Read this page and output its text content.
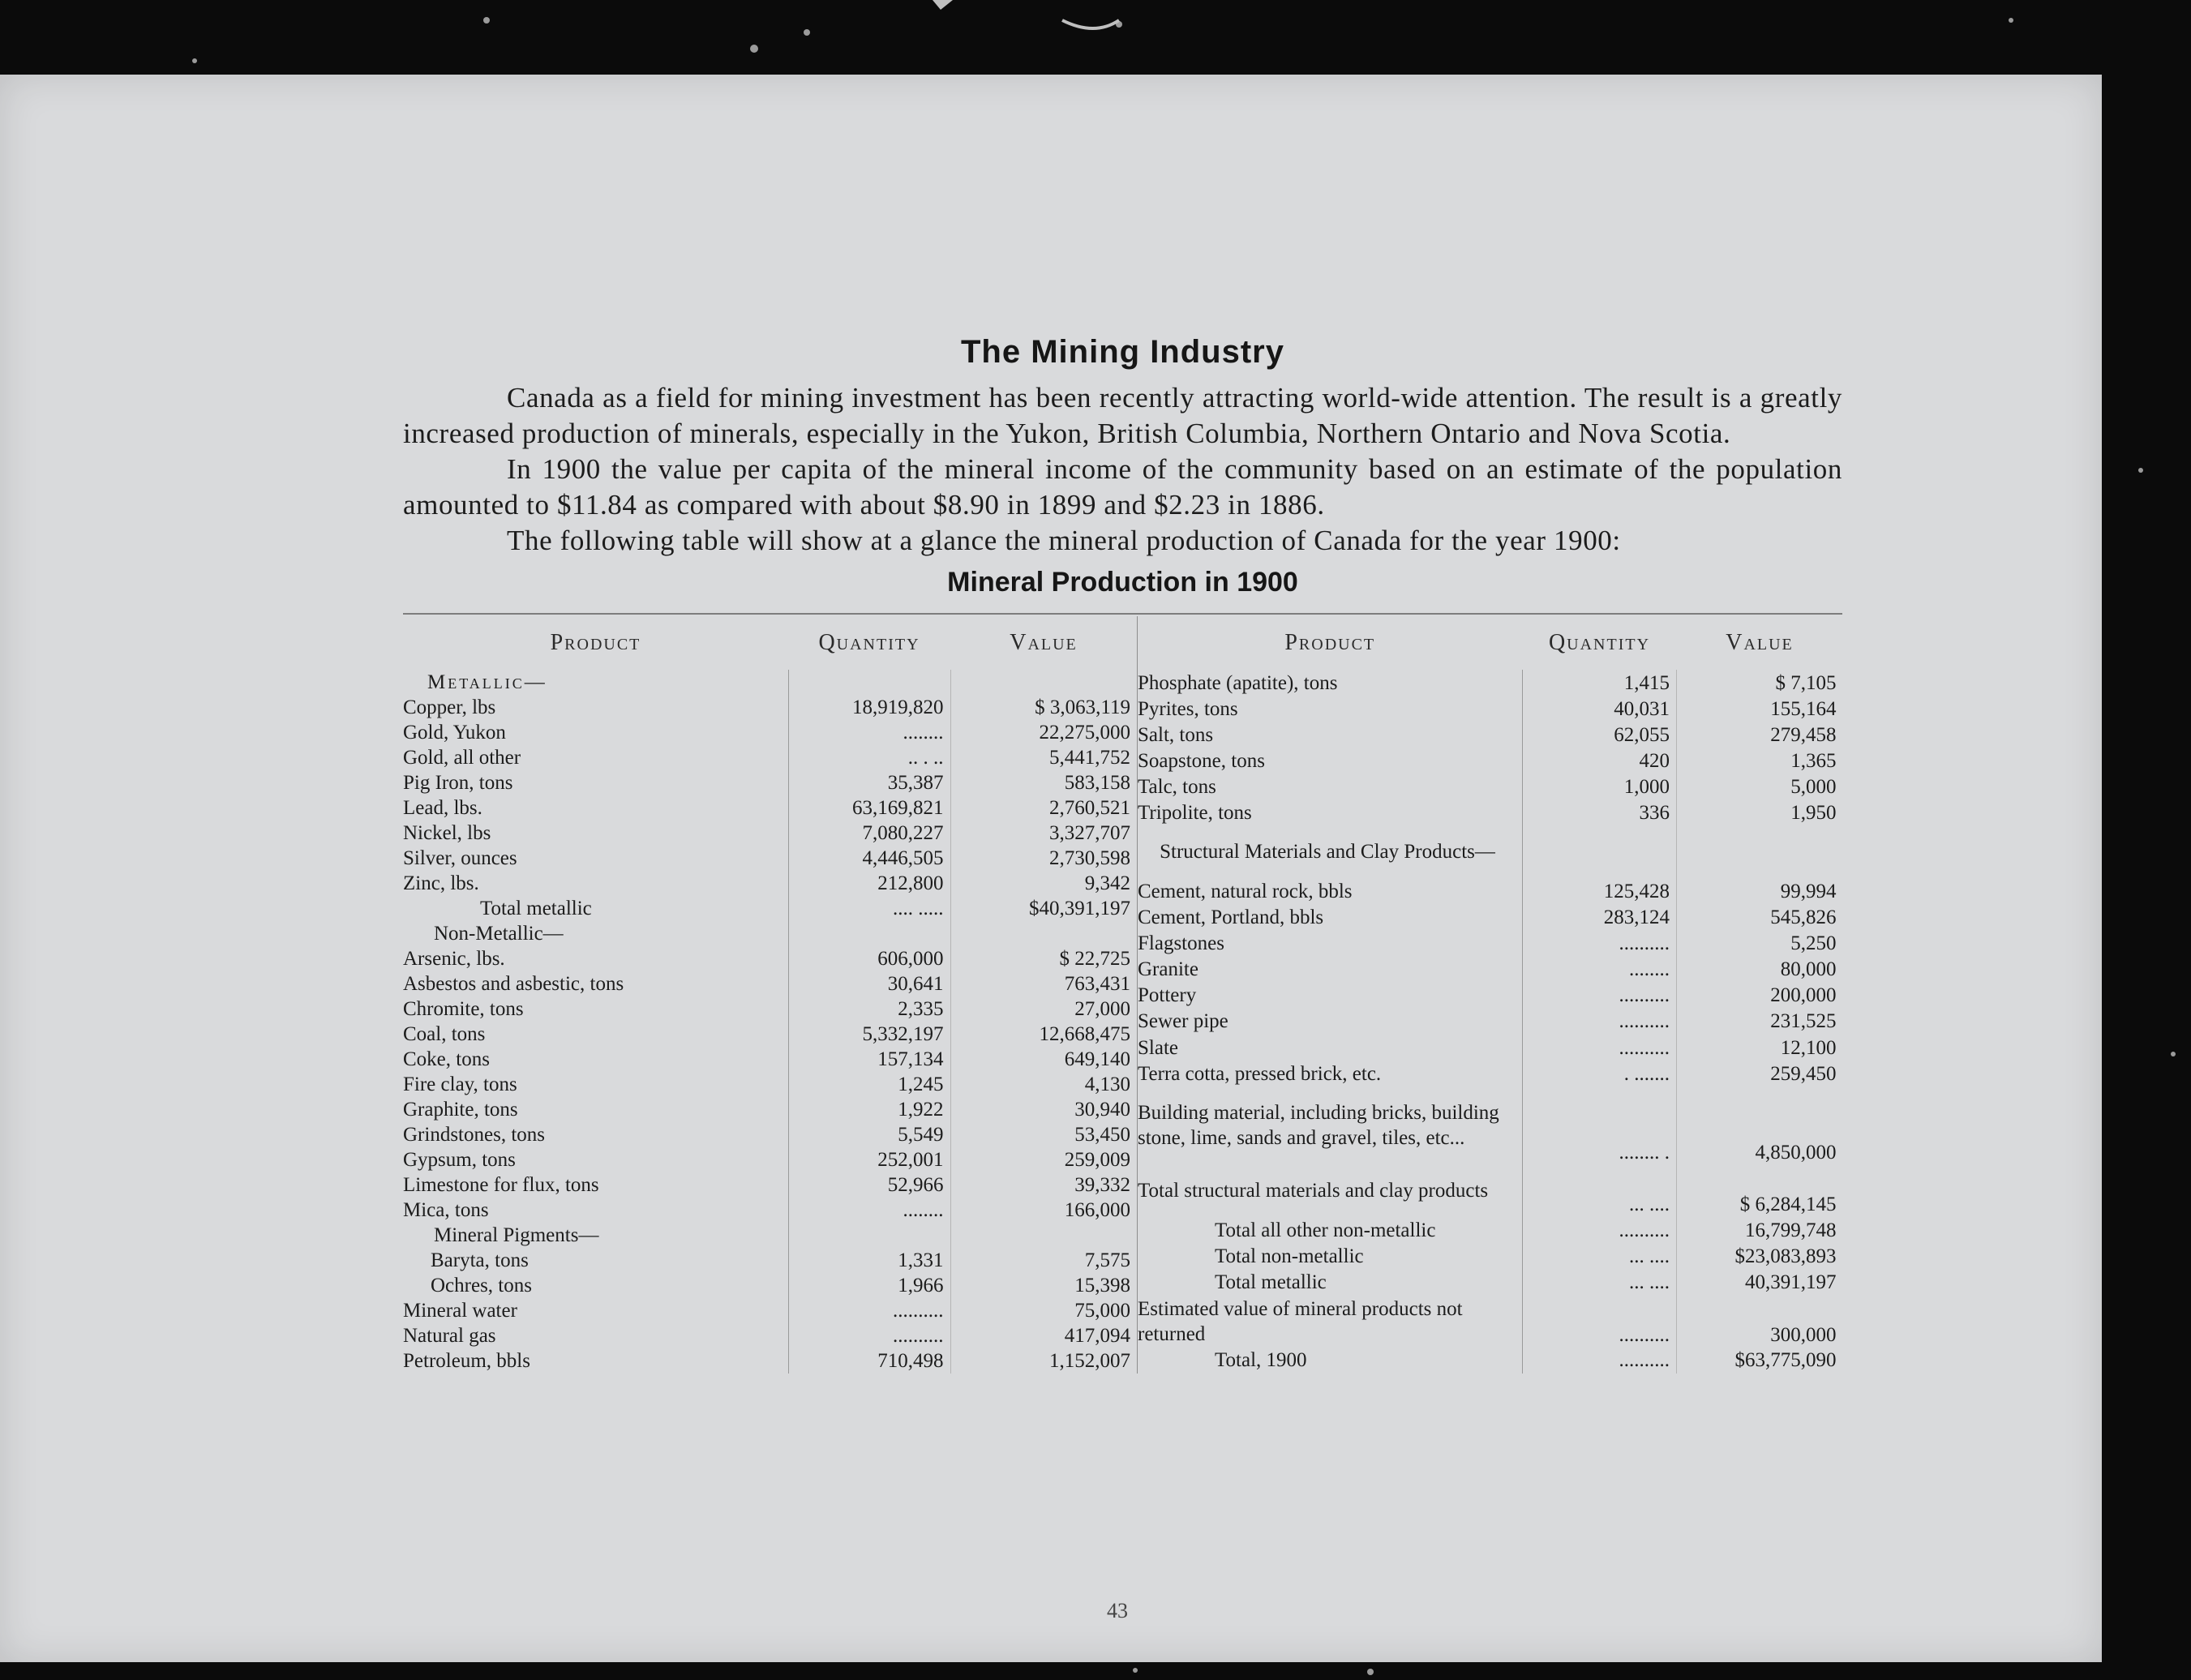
The Mining Industry

Canada as a field for mining investment has been recently attracting world-wide attention. The result is a greatly increased production of minerals, especially in the Yukon, British Columbia, Northern Ontario and Nova Scotia.

In 1900 the value per capita of the mineral income of the community based on an estimate of the population amounted to $11.84 as compared with about $8.90 in 1899 and $2.23 in 1886.

The following table will show at a glance the mineral production of Canada for the year 1900:

Mineral Production in 1900
Product	Quantity	Value
Metallic—		
Copper, lbs	18,919,820	$ 3,063,119
Gold, Yukon	........	22,275,000
Gold, all other	.. . ..	5,441,752
Pig Iron, tons	35,387	583,158
Lead, lbs.	63,169,821	2,760,521
Nickel, lbs	7,080,227	3,327,707
Silver, ounces	4,446,505	2,730,598
Zinc, lbs.	212,800	9,342
Total metallic	.... .....	$40,391,197
Non-Metallic—		
Arsenic, lbs.	606,000	$ 22,725
Asbestos and asbestic, tons	30,641	763,431
Chromite, tons	2,335	27,000
Coal, tons	5,332,197	12,668,475
Coke, tons	157,134	649,140
Fire clay, tons	1,245	4,130
Graphite, tons	1,922	30,940
Grindstones, tons	5,549	53,450
Gypsum, tons	252,001	259,009
Limestone for flux, tons	52,966	39,332
Mica, tons	........	166,000
Mineral Pigments—		
Baryta, tons	1,331	7,575
Ochres, tons	1,966	15,398
Mineral water	..........	75,000
Natural gas	..........	417,094
Petroleum, bbls	710,498	1,152,007
Product	Quantity	Value
Phosphate (apatite), tons	1,415	$ 7,105
Pyrites, tons	40,031	155,164
Salt, tons	62,055	279,458
Soapstone, tons	420	1,365
Talc, tons	1,000	5,000
Tripolite, tons	336	1,950
Structural Materials and Clay Products—		
Cement, natural rock, bbls	125,428	99,994
Cement, Portland, bbls	283,124	545,826
Flagstones	..........	5,250
Granite	........	80,000
Pottery	..........	200,000
Sewer pipe	..........	231,525
Slate	..........	12,100
Terra cotta, pressed brick, etc.	. .......	259,450
Building material, including bricks, building stone, lime, sands and gravel, tiles, etc...	........ .	4,850,000
Total structural materials and clay products	... ....	$ 6,284,145
Total all other non-metallic	..........	16,799,748
Total non-metallic	... ....	$23,083,893
Total metallic	... ....	40,391,197
Estimated value of mineral products not returned	..........	300,000
Total, 1900	..........	$63,775,090
43
